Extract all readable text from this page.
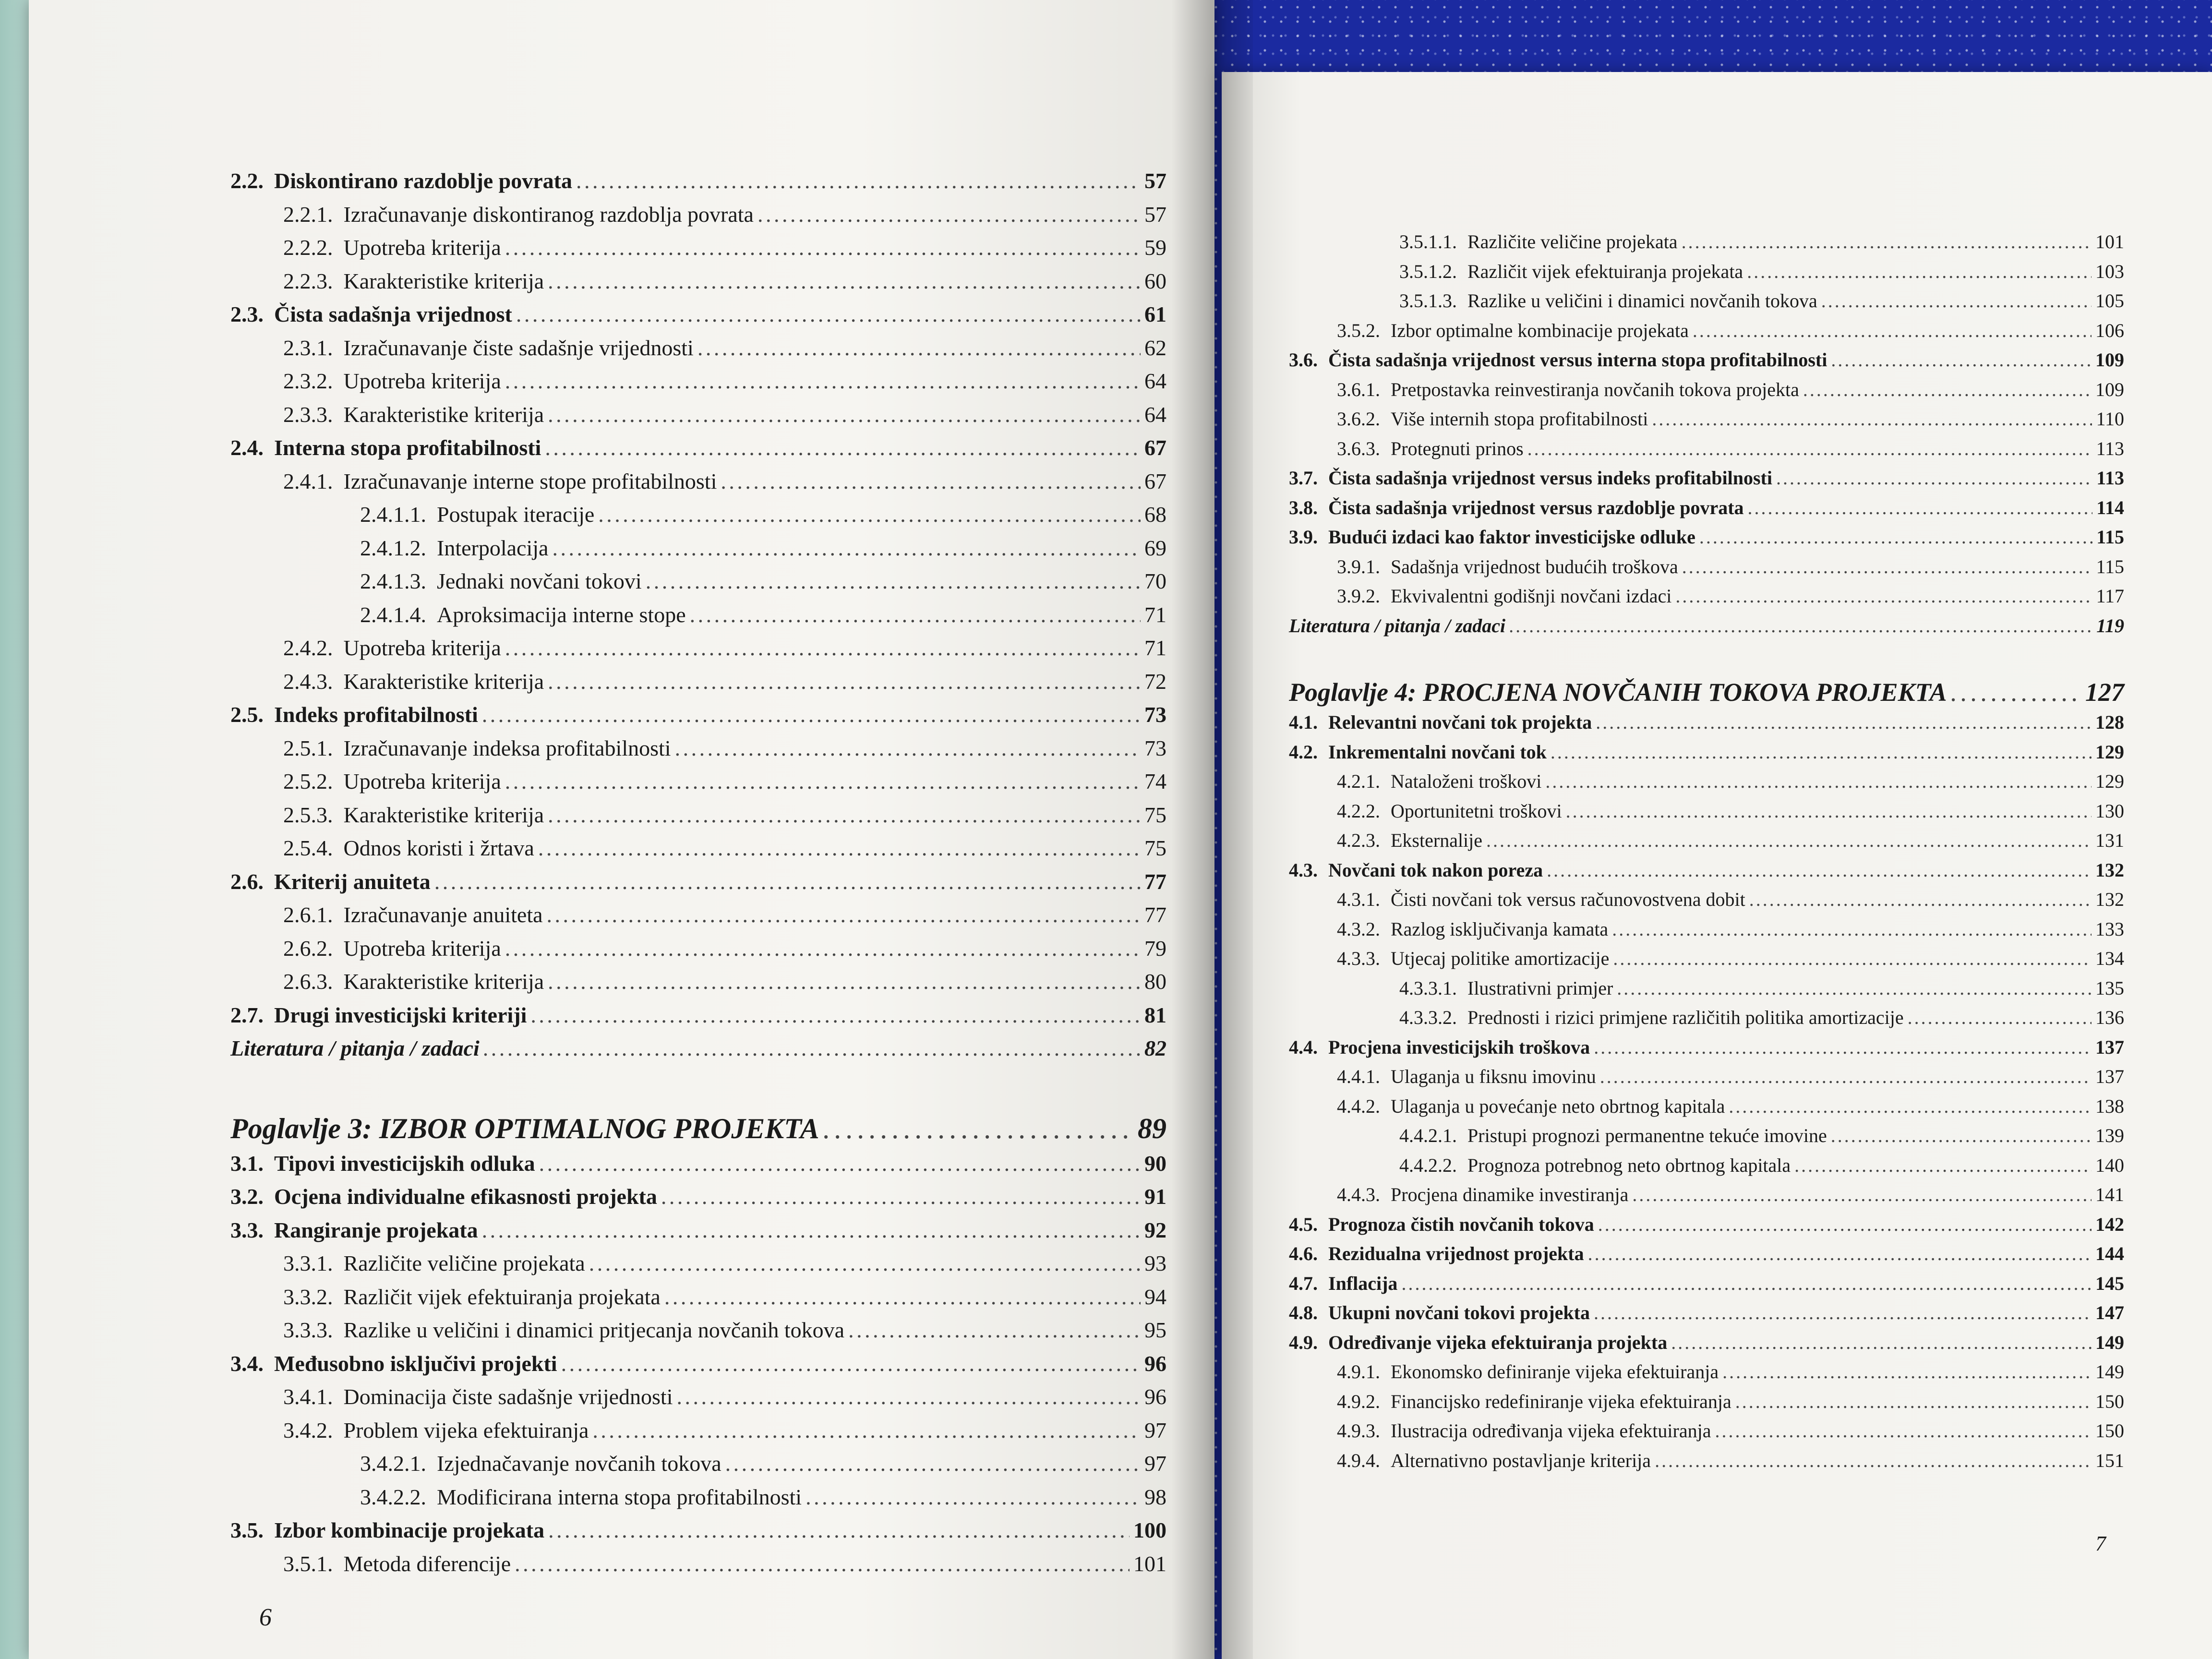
2.2. Diskontirano razdoblje povrata . . .	57
2.2.1. Izračunavanje diskontiranog razdoblja povrata . . .	57
2.2.2. Upotreba kriterija . . .	59
2.2.3. Karakteristike kriterija . . .	60
2.3. Čista sadašnja vrijednost . . .	61
2.3.1. Izračunavanje čiste sadašnje vrijednosti . . .	62
2.3.2. Upotreba kriterija . . .	64
2.3.3. Karakteristike kriterija . . .	64
2.4. Interna stopa profitabilnosti . . .	67
2.4.1. Izračunavanje interne stope profitabilnosti . . .	67
2.4.1.1. Postupak iteracije . . .	68
2.4.1.2. Interpolacija . . .	69
2.4.1.3. Jednaki novčani tokovi . . .	70
2.4.1.4. Aproksimacija interne stope . . .	71
2.4.2. Upotreba kriterija . . .	71
2.4.3. Karakteristike kriterija . . .	72
2.5. Indeks profitabilnosti . . .	73
2.5.1. Izračunavanje indeksa profitabilnosti . . .	73
2.5.2. Upotreba kriterija . . .	74
2.5.3. Karakteristike kriterija . . .	75
2.5.4. Odnos koristi i žrtava . . .	75
2.6. Kriterij anuiteta . . .	77
2.6.1. Izračunavanje anuiteta . . .	77
2.6.2. Upotreba kriterija . . .	79
2.6.3. Karakteristike kriterija . . .	80
2.7. Drugi investicijski kriteriji . . .	81
Literatura / pitanja / zadaci . . .	82
Poglavlje 3: IZBOR OPTIMALNOG PROJEKTA . . .	89
3.1. Tipovi investicijskih odluka . . .	90
3.2. Ocjena individualne efikasnosti projekta . . .	91
3.3. Rangiranje projekata . . .	92
3.3.1. Različite veličine projekata . . .	93
3.3.2. Različit vijek efektuiranja projekata . . .	94
3.3.3. Razlike u veličini i dinamici pritjecanja novčanih tokova . . .	95
3.4. Međusobno isključivi projekti . . .	96
3.4.1. Dominacija čiste sadašnje vrijednosti . . .	96
3.4.2. Problem vijeka efektuiranja . . .	97
3.4.2.1. Izjednačavanje novčanih tokova . . .	97
3.4.2.2. Modificirana interna stopa profitabilnosti . . .	98
3.5. Izbor kombinacije projekata . . .	100
3.5.1. Metoda diferencije . . .	101
6
3.5.1.1. Različite veličine projekata . . .	101
3.5.1.2. Različit vijek efektuiranja projekata . . .	103
3.5.1.3. Razlike u veličini i dinamici novčanih tokova . . .	105
3.5.2. Izbor optimalne kombinacije projekata . . .	106
3.6. Čista sadašnja vrijednost versus interna stopa profitabilnosti . . .	109
3.6.1. Pretpostavka reinvestiranja novčanih tokova projekta . . .	109
3.6.2. Više internih stopa profitabilnosti . . .	110
3.6.3. Protegnuti prinos . . .	113
3.7. Čista sadašnja vrijednost versus indeks profitabilnosti . . .	113
3.8. Čista sadašnja vrijednost versus razdoblje povrata . . .	114
3.9. Budući izdaci kao faktor investicijske odluke . . .	115
3.9.1. Sadašnja vrijednost budućih troškova . . .	115
3.9.2. Ekvivalentni godišnji novčani izdaci . . .	117
Literatura / pitanja / zadaci . . .	119
Poglavlje 4: PROCJENA NOVČANIH TOKOVA PROJEKTA . . .	127
4.1. Relevantni novčani tok projekta . . .	128
4.2. Inkrementalni novčani tok . . .	129
4.2.1. Nataloženi troškovi . . .	129
4.2.2. Oportunitetni troškovi . . .	130
4.2.3. Eksternalije . . .	131
4.3. Novčani tok nakon poreza . . .	132
4.3.1. Čisti novčani tok versus računovostvena dobit . . .	132
4.3.2. Razlog isključivanja kamata . . .	133
4.3.3. Utjecaj politike amortizacije . . .	134
4.3.3.1. Ilustrativni primjer . . .	135
4.3.3.2. Prednosti i rizici primjene različitih politika amortizacije . . .	136
4.4. Procjena investicijskih troškova . . .	137
4.4.1. Ulaganja u fiksnu imovinu . . .	137
4.4.2. Ulaganja u povećanje neto obrtnog kapitala . . .	138
4.4.2.1. Pristupi prognozi permanentne tekuće imovine . . .	139
4.4.2.2. Prognoza potrebnog neto obrtnog kapitala . . .	140
4.4.3. Procjena dinamike investiranja . . .	141
4.5. Prognoza čistih novčanih tokova . . .	142
4.6. Rezidualna vrijednost projekta . . .	144
4.7. Inflacija . . .	145
4.8. Ukupni novčani tokovi projekta . . .	147
4.9. Određivanje vijeka efektuiranja projekta . . .	149
4.9.1. Ekonomsko definiranje vijeka efektuiranja . . .	149
4.9.2. Financijsko redefiniranje vijeka efektuiranja . . .	150
4.9.3. Ilustracija određivanja vijeka efektuiranja . . .	150
4.9.4. Alternativno postavljanje kriterija . . .	151
7
